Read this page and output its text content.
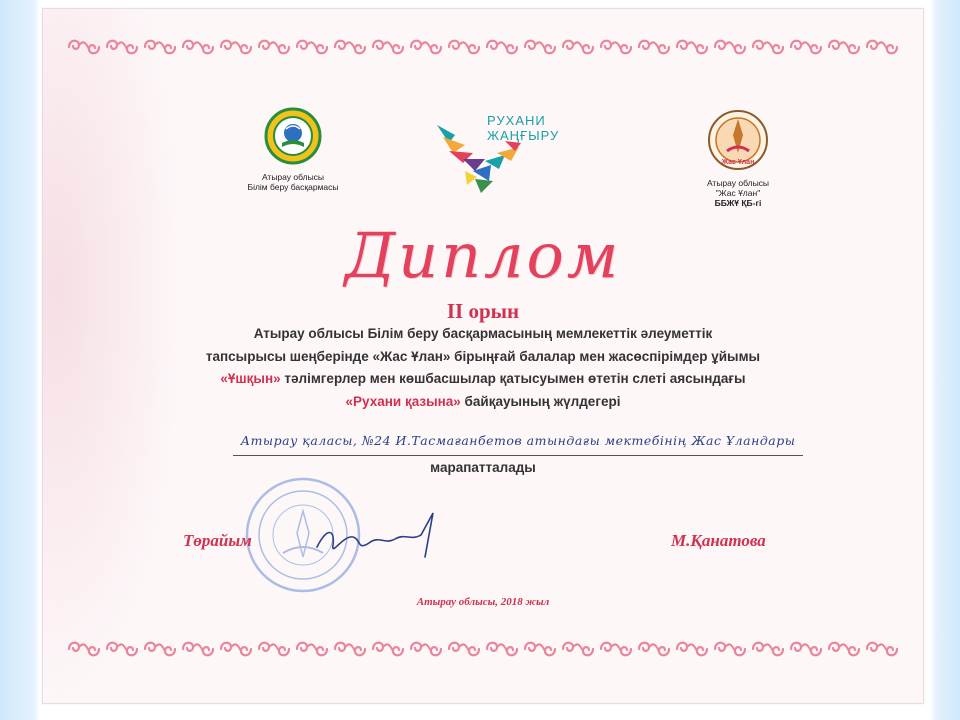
Атырау облысы
Білім беру басқармасы
РУХАНИ
ЖАҢҒЫРУ
Жас Ұлан
Атырау облысы
"Жас Ұлан"
ББЖҰ ҚБ-гі
Диплом
II орын
Атырау облысы Білім беру басқармасының мемлекеттік әлеуметтік
тапсырысы шеңберінде «Жас Ұлан» бірыңғай балалар мен жасөспірімдер ұйымы
«Ұшқын» тәлімгерлер мен көшбасшылар қатысуымен өтетін слеті аясындағы
«Рухани қазына» байқауының жүлдегері
Атырау қаласы, №24 И.Тасмағанбетов атындағы мектебінің Жас Ұландары
марапатталады
Төрайым	М.Қанатова
Атырау облысы, 2018 жыл
